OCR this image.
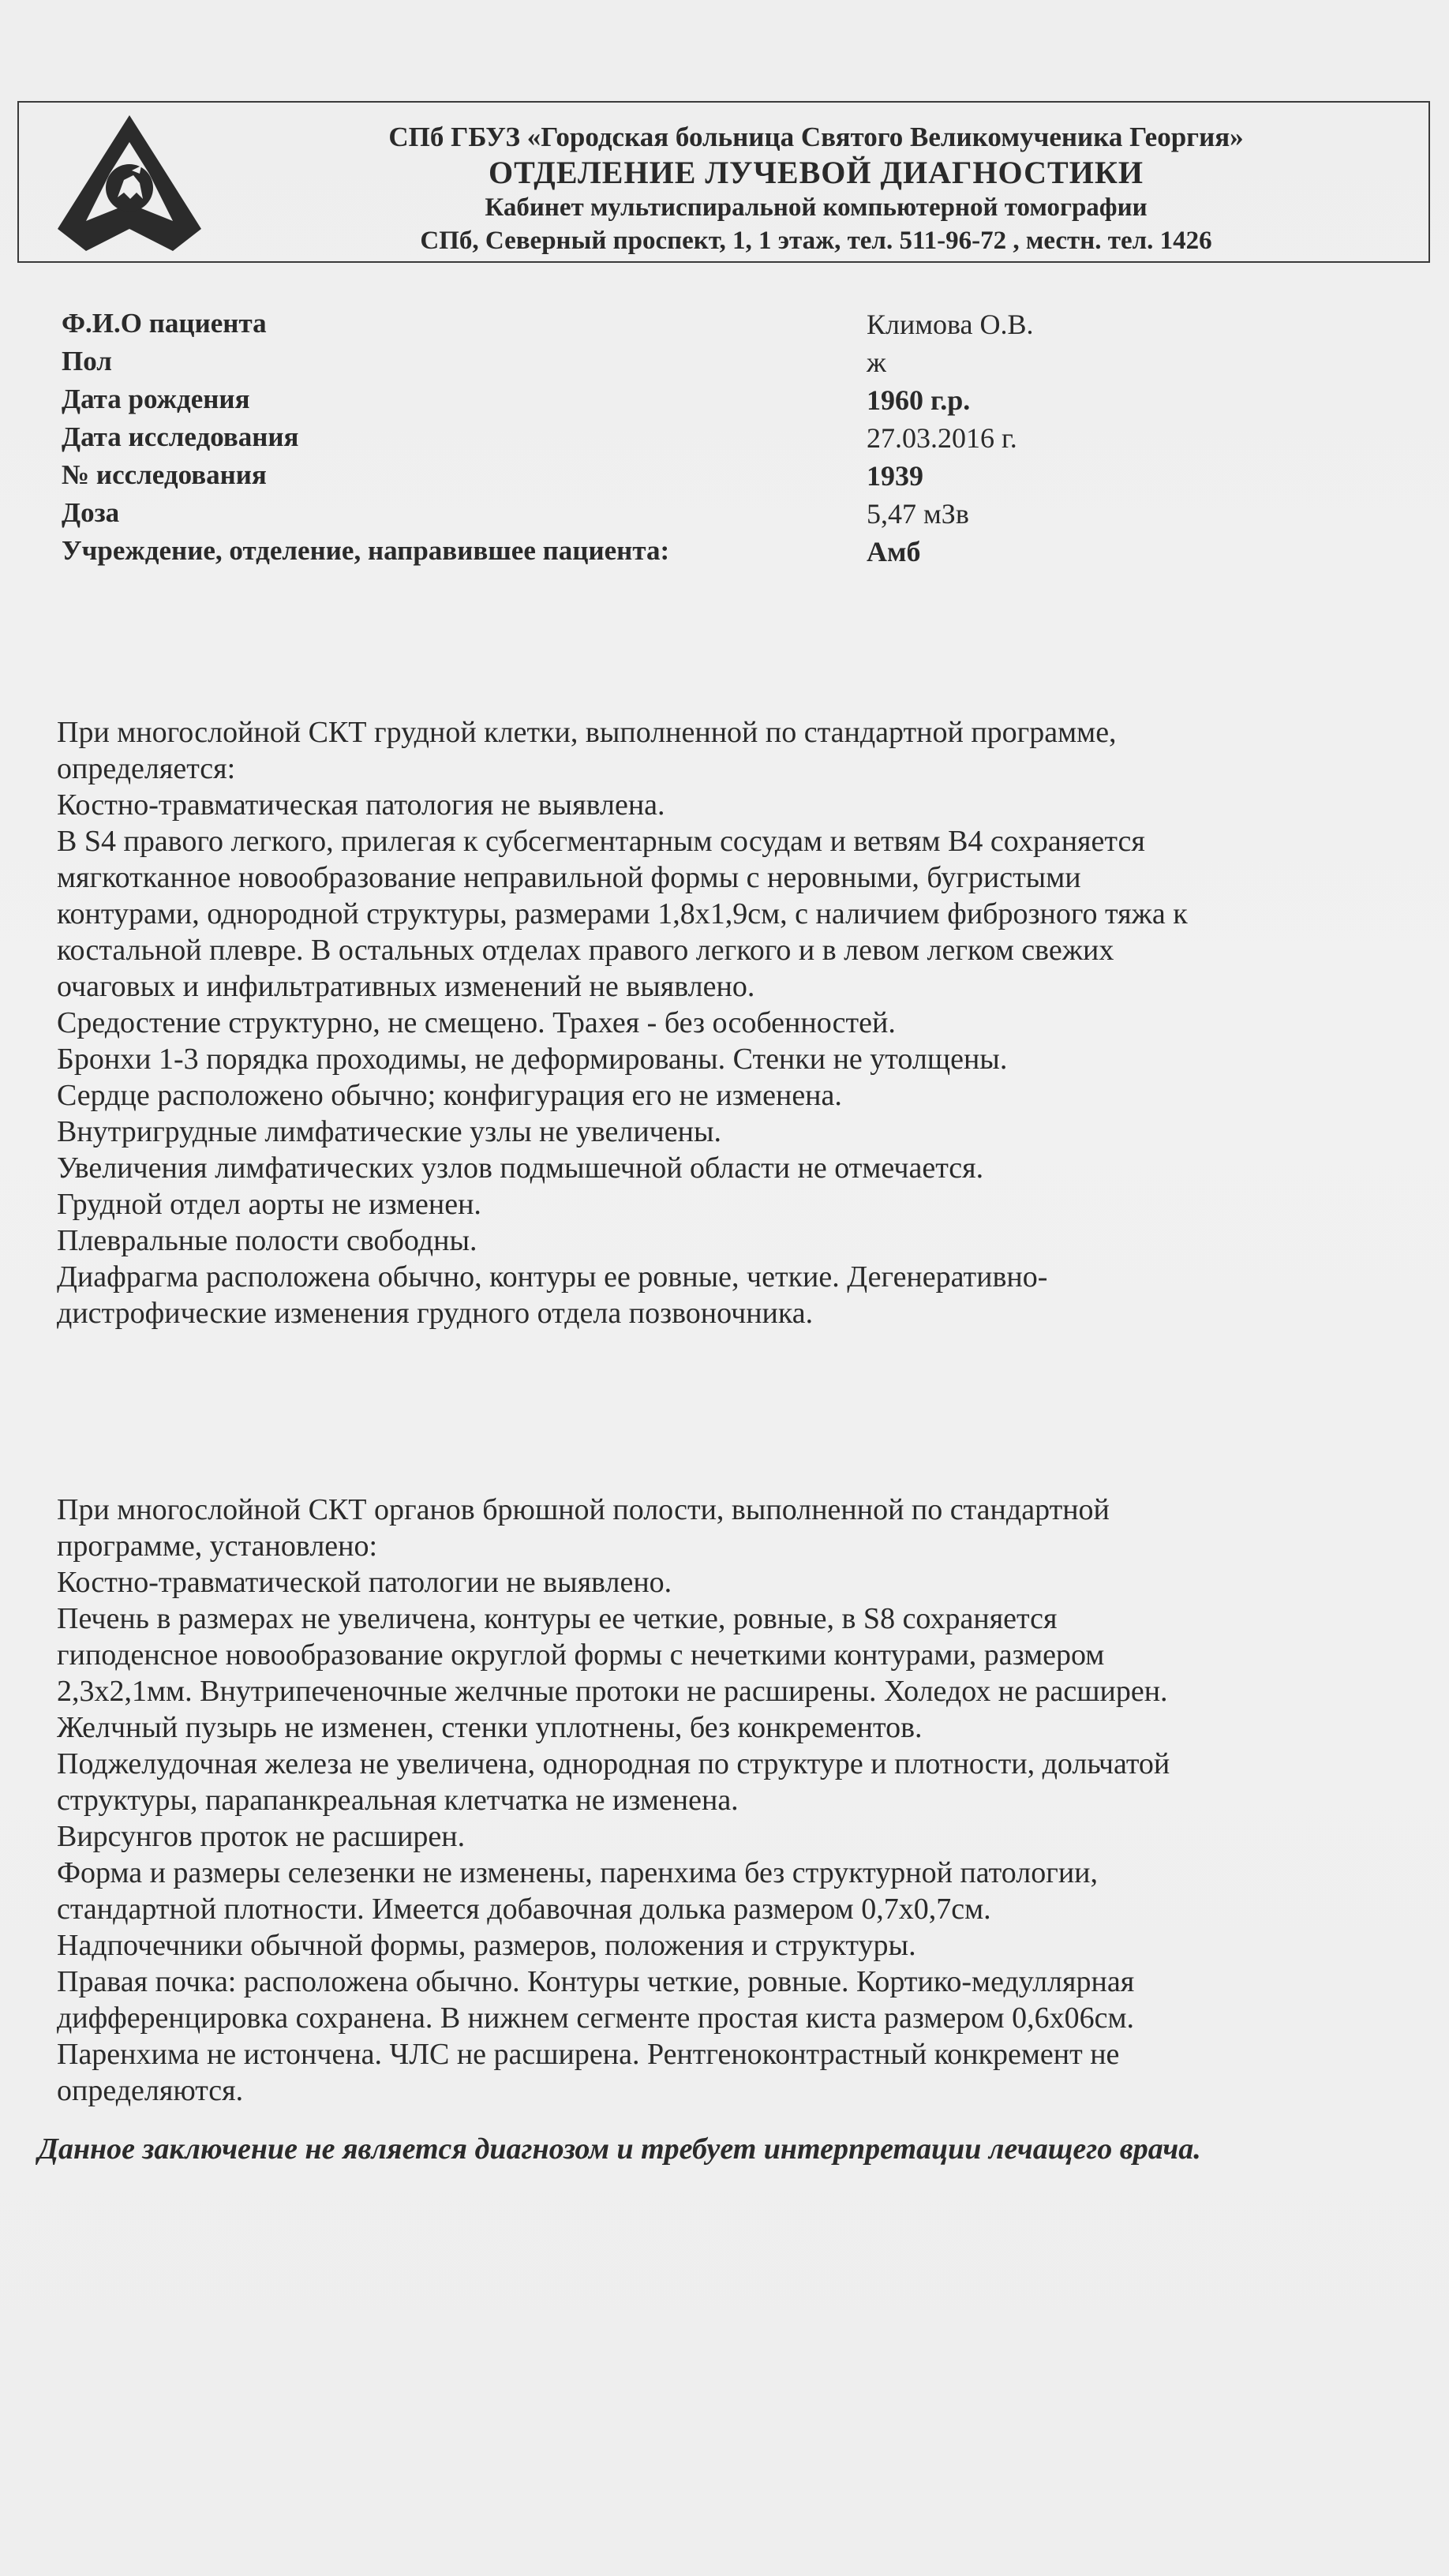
СПб ГБУЗ «Городская больница Святого Великомученика Георгия»
ОТДЕЛЕНИЕ ЛУЧЕВОЙ ДИАГНОСТИКИ
Кабинет мультиспиральной компьютерной томографии
СПб, Северный проспект, 1, 1 этаж, тел. 511-96-72 , местн. тел. 1426
Ф.И.О пациента	Климова О.В.
Пол	ж
Дата рождения	1960 г.р.
Дата исследования	27.03.2016 г.
№ исследования	1939
Доза	5,47 мЗв
Учреждение, отделение, направившее пациента:	Амб
При многослойной СКТ грудной клетки, выполненной по стандартной программе,
определяется:
Костно-травматическая патология не выявлена.
В S4 правого легкого, прилегая к субсегментарным сосудам и ветвям В4 сохраняется
мягкотканное новообразование неправильной формы с неровными, бугристыми
контурами, однородной структуры, размерами 1,8х1,9см, с наличием фиброзного тяжа к
костальной плевре. В остальных отделах правого легкого и в левом легком свежих
очаговых и инфильтративных изменений не выявлено.
Средостение структурно, не смещено. Трахея - без особенностей.
Бронхи 1-3 порядка проходимы, не деформированы. Стенки не утолщены.
Сердце расположено обычно; конфигурация его не изменена.
Внутригрудные лимфатические узлы не увеличены.
Увеличения лимфатических узлов подмышечной области не отмечается.
Грудной отдел аорты не изменен.
Плевральные полости свободны.
Диафрагма расположена обычно, контуры ее ровные, четкие. Дегенеративно-
дистрофические изменения грудного отдела позвоночника.
При многослойной СКТ органов брюшной полости, выполненной по стандартной
программе, установлено:
Костно-травматической патологии не выявлено.
Печень в размерах не увеличена, контуры ее четкие, ровные, в S8 сохраняется
гиподенсное новообразование округлой формы с нечеткими контурами, размером
2,3х2,1мм. Внутрипеченочные желчные протоки не расширены. Холедох не расширен.
Желчный пузырь не изменен, стенки уплотнены, без конкрементов.
Поджелудочная железа не увеличена, однородная по структуре и плотности, дольчатой
структуры, парапанкреальная клетчатка не изменена.
Вирсунгов проток не расширен.
Форма и размеры селезенки не изменены, паренхима без структурной патологии,
стандартной плотности. Имеется добавочная долька размером 0,7х0,7см.
Надпочечники обычной формы, размеров, положения и структуры.
Правая почка: расположена обычно. Контуры четкие, ровные. Кортико-медуллярная
дифференцировка сохранена. В нижнем сегменте простая киста размером 0,6х06см.
Паренхима не истончена. ЧЛС не расширена. Рентгеноконтрастный конкремент не
определяются.
Данное заключение не является диагнозом и требует интерпретации лечащего врача.
